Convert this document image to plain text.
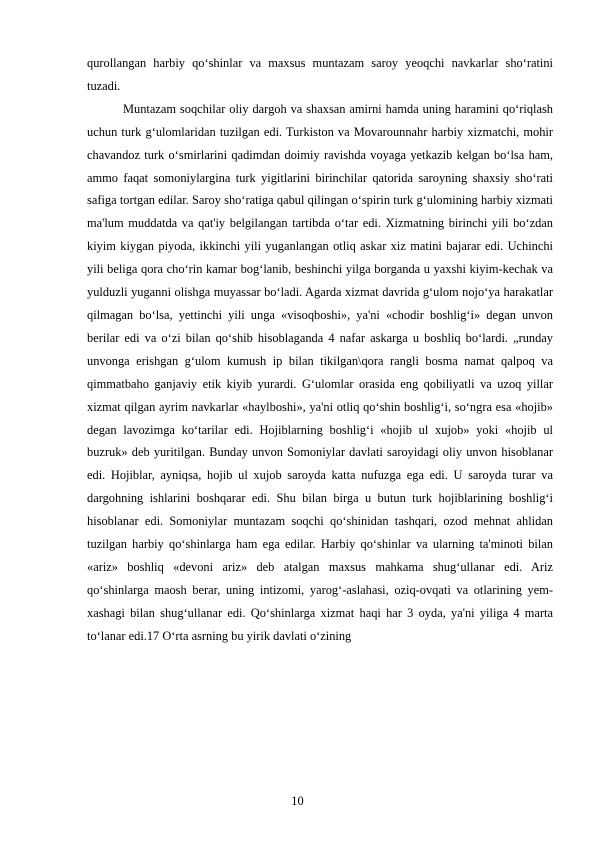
qurollangan harbiy qo‘shinlar va maxsus muntazam saroy yeoqchi navkarlar sho‘ratini tuzadi.

Muntazam soqchilar oliy dargoh va shaxsan amirni hamda uning haramini qo‘riqlash uchun turk g‘ulomlaridan tuzilgan edi. Turkiston va Movarounnahr harbiy xizmatchi, mohir chavandoz turk o‘smirlarini qadimdan doimiy ravishda voyaga yetkazib kelgan bo‘lsa ham, ammo faqat somoniylargina turk yigitlarini birinchilar qatorida saroyning shaxsiy sho‘rati safiga tortgan edilar. Saroy sho‘ratiga qabul qilingan o‘spirin turk g‘ulomining harbiy xizmati ma'lum muddatda va qat'iy belgilangan tartibda o‘tar edi. Xizmatning birinchi yili bo‘zdan kiyim kiygan piyoda, ikkinchi yili yuganlangan otliq askar xiz matini bajarar edi. Uchinchi yili beliga qora cho‘rin kamar bog‘lanib, beshinchi yilga borganda u yaxshi kiyim-kechak va yulduzli yuganni olishga muyassar bo‘ladi. Agarda xizmat davrida g‘ulom nojo‘ya harakatlar qilmagan bo‘lsa, yettinchi yili unga «visoqboshi», ya'ni «chodir boshlig‘i» degan unvon berilar edi va o‘zi bilan qo‘shib hisoblaganda 4 nafar askarga u boshliq bo‘lardi. „runday unvonga erishgan g‘ulom kumush ip bilan tikilgan\qora rangli bosma namat qalpoq va qimmatbaho ganjaviy etik kiyib yurardi. G‘ulomlar orasida eng qobiliyatli va uzoq yillar xizmat qilgan ayrim navkarlar «haylboshi», ya'ni otliq qo‘shin boshlig‘i, so‘ngra esa «hojib» degan lavozimga ko‘tarilar edi. Hojiblarning boshlig‘i «hojib ul xujob» yoki «hojib ul buzruk» deb yuritilgan. Bunday unvon Somoniylar davlati saroyidagi oliy unvon hisoblanar edi. Hojiblar, ayniqsa, hojib ul xujob saroyda katta nufuzga ega edi. U saroyda turar va dargohning ishlarini boshqarar edi. Shu bilan birga u butun turk hojiblarining boshlig‘i hisoblanar edi. Somoniylar muntazam soqchi qo‘shinidan tashqari, ozod mehnat ahlidan tuzilgan harbiy qo‘shinlarga ham ega edilar. Harbiy qo‘shinlar va ularning ta'minoti bilan «ariz» boshliq «devoni ariz» deb atalgan maxsus mahkama shug‘ullanar edi. Ariz qo‘shinlarga maosh berar, uning intizomi, yarog‘-aslahasi, oziq-ovqati va otlarining yem-xashagi bilan shug‘ullanar edi. Qo‘shinlarga xizmat haqi har 3 oyda, ya'ni yiliga 4 marta to‘lanar edi.17 O‘rta asrning bu yirik davlati o‘zining

10
